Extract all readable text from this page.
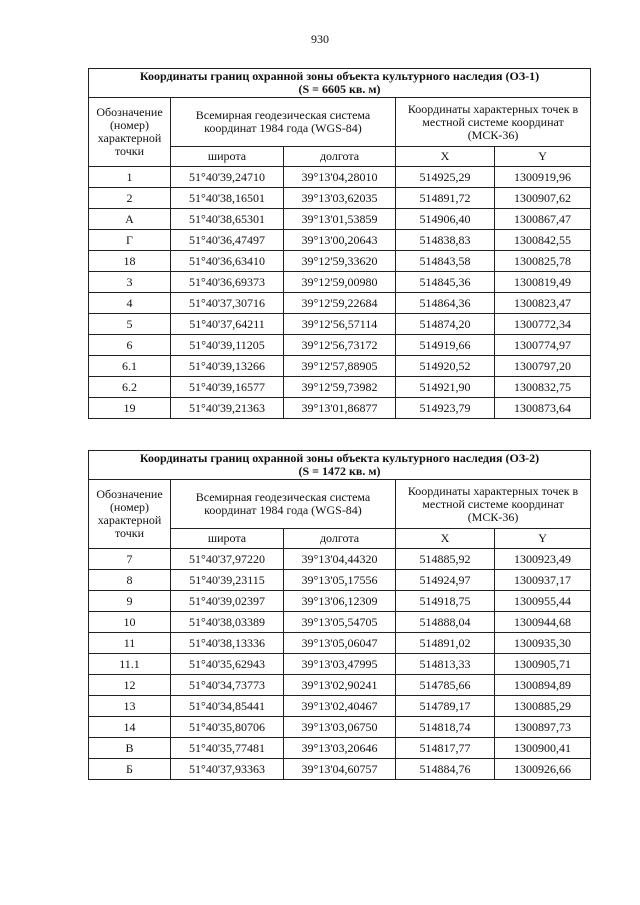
930
Координаты границ охранной зоны объекта культурного наследия (ОЗ-1)
(S = 6605 кв. м)				
Обозначение (номер) характерной точки	Всемирная геодезическая система координат 1984 года (WGS-84)		Координаты характерных точек в местной системе координат (МСК-36)	
	широта	долгота	X	Y
1	51°40'39,24710	39°13'04,28010	514925,29	1300919,96
2	51°40'38,16501	39°13'03,62035	514891,72	1300907,62
А	51°40'38,65301	39°13'01,53859	514906,40	1300867,47
Г	51°40'36,47497	39°13'00,20643	514838,83	1300842,55
18	51°40'36,63410	39°12'59,33620	514843,58	1300825,78
3	51°40'36,69373	39°12'59,00980	514845,36	1300819,49
4	51°40'37,30716	39°12'59,22684	514864,36	1300823,47
5	51°40'37,64211	39°12'56,57114	514874,20	1300772,34
6	51°40'39,11205	39°12'56,73172	514919,66	1300774,97
6.1	51°40'39,13266	39°12'57,88905	514920,52	1300797,20
6.2	51°40'39,16577	39°12'59,73982	514921,90	1300832,75
19	51°40'39,21363	39°13'01,86877	514923,79	1300873,64
Координаты границ охранной зоны объекта культурного наследия (ОЗ-2)
(S = 1472 кв. м)				
Обозначение (номер) характерной точки	Всемирная геодезическая система координат 1984 года (WGS-84)		Координаты характерных точек в местной системе координат (МСК-36)	
	широта	долгота	X	Y
7	51°40'37,97220	39°13'04,44320	514885,92	1300923,49
8	51°40'39,23115	39°13'05,17556	514924,97	1300937,17
9	51°40'39,02397	39°13'06,12309	514918,75	1300955,44
10	51°40'38,03389	39°13'05,54705	514888,04	1300944,68
11	51°40'38,13336	39°13'05,06047	514891,02	1300935,30
11.1	51°40'35,62943	39°13'03,47995	514813,33	1300905,71
12	51°40'34,73773	39°13'02,90241	514785,66	1300894,89
13	51°40'34,85441	39°13'02,40467	514789,17	1300885,29
14	51°40'35,80706	39°13'03,06750	514818,74	1300897,73
В	51°40'35,77481	39°13'03,20646	514817,77	1300900,41
Б	51°40'37,93363	39°13'04,60757	514884,76	1300926,66
